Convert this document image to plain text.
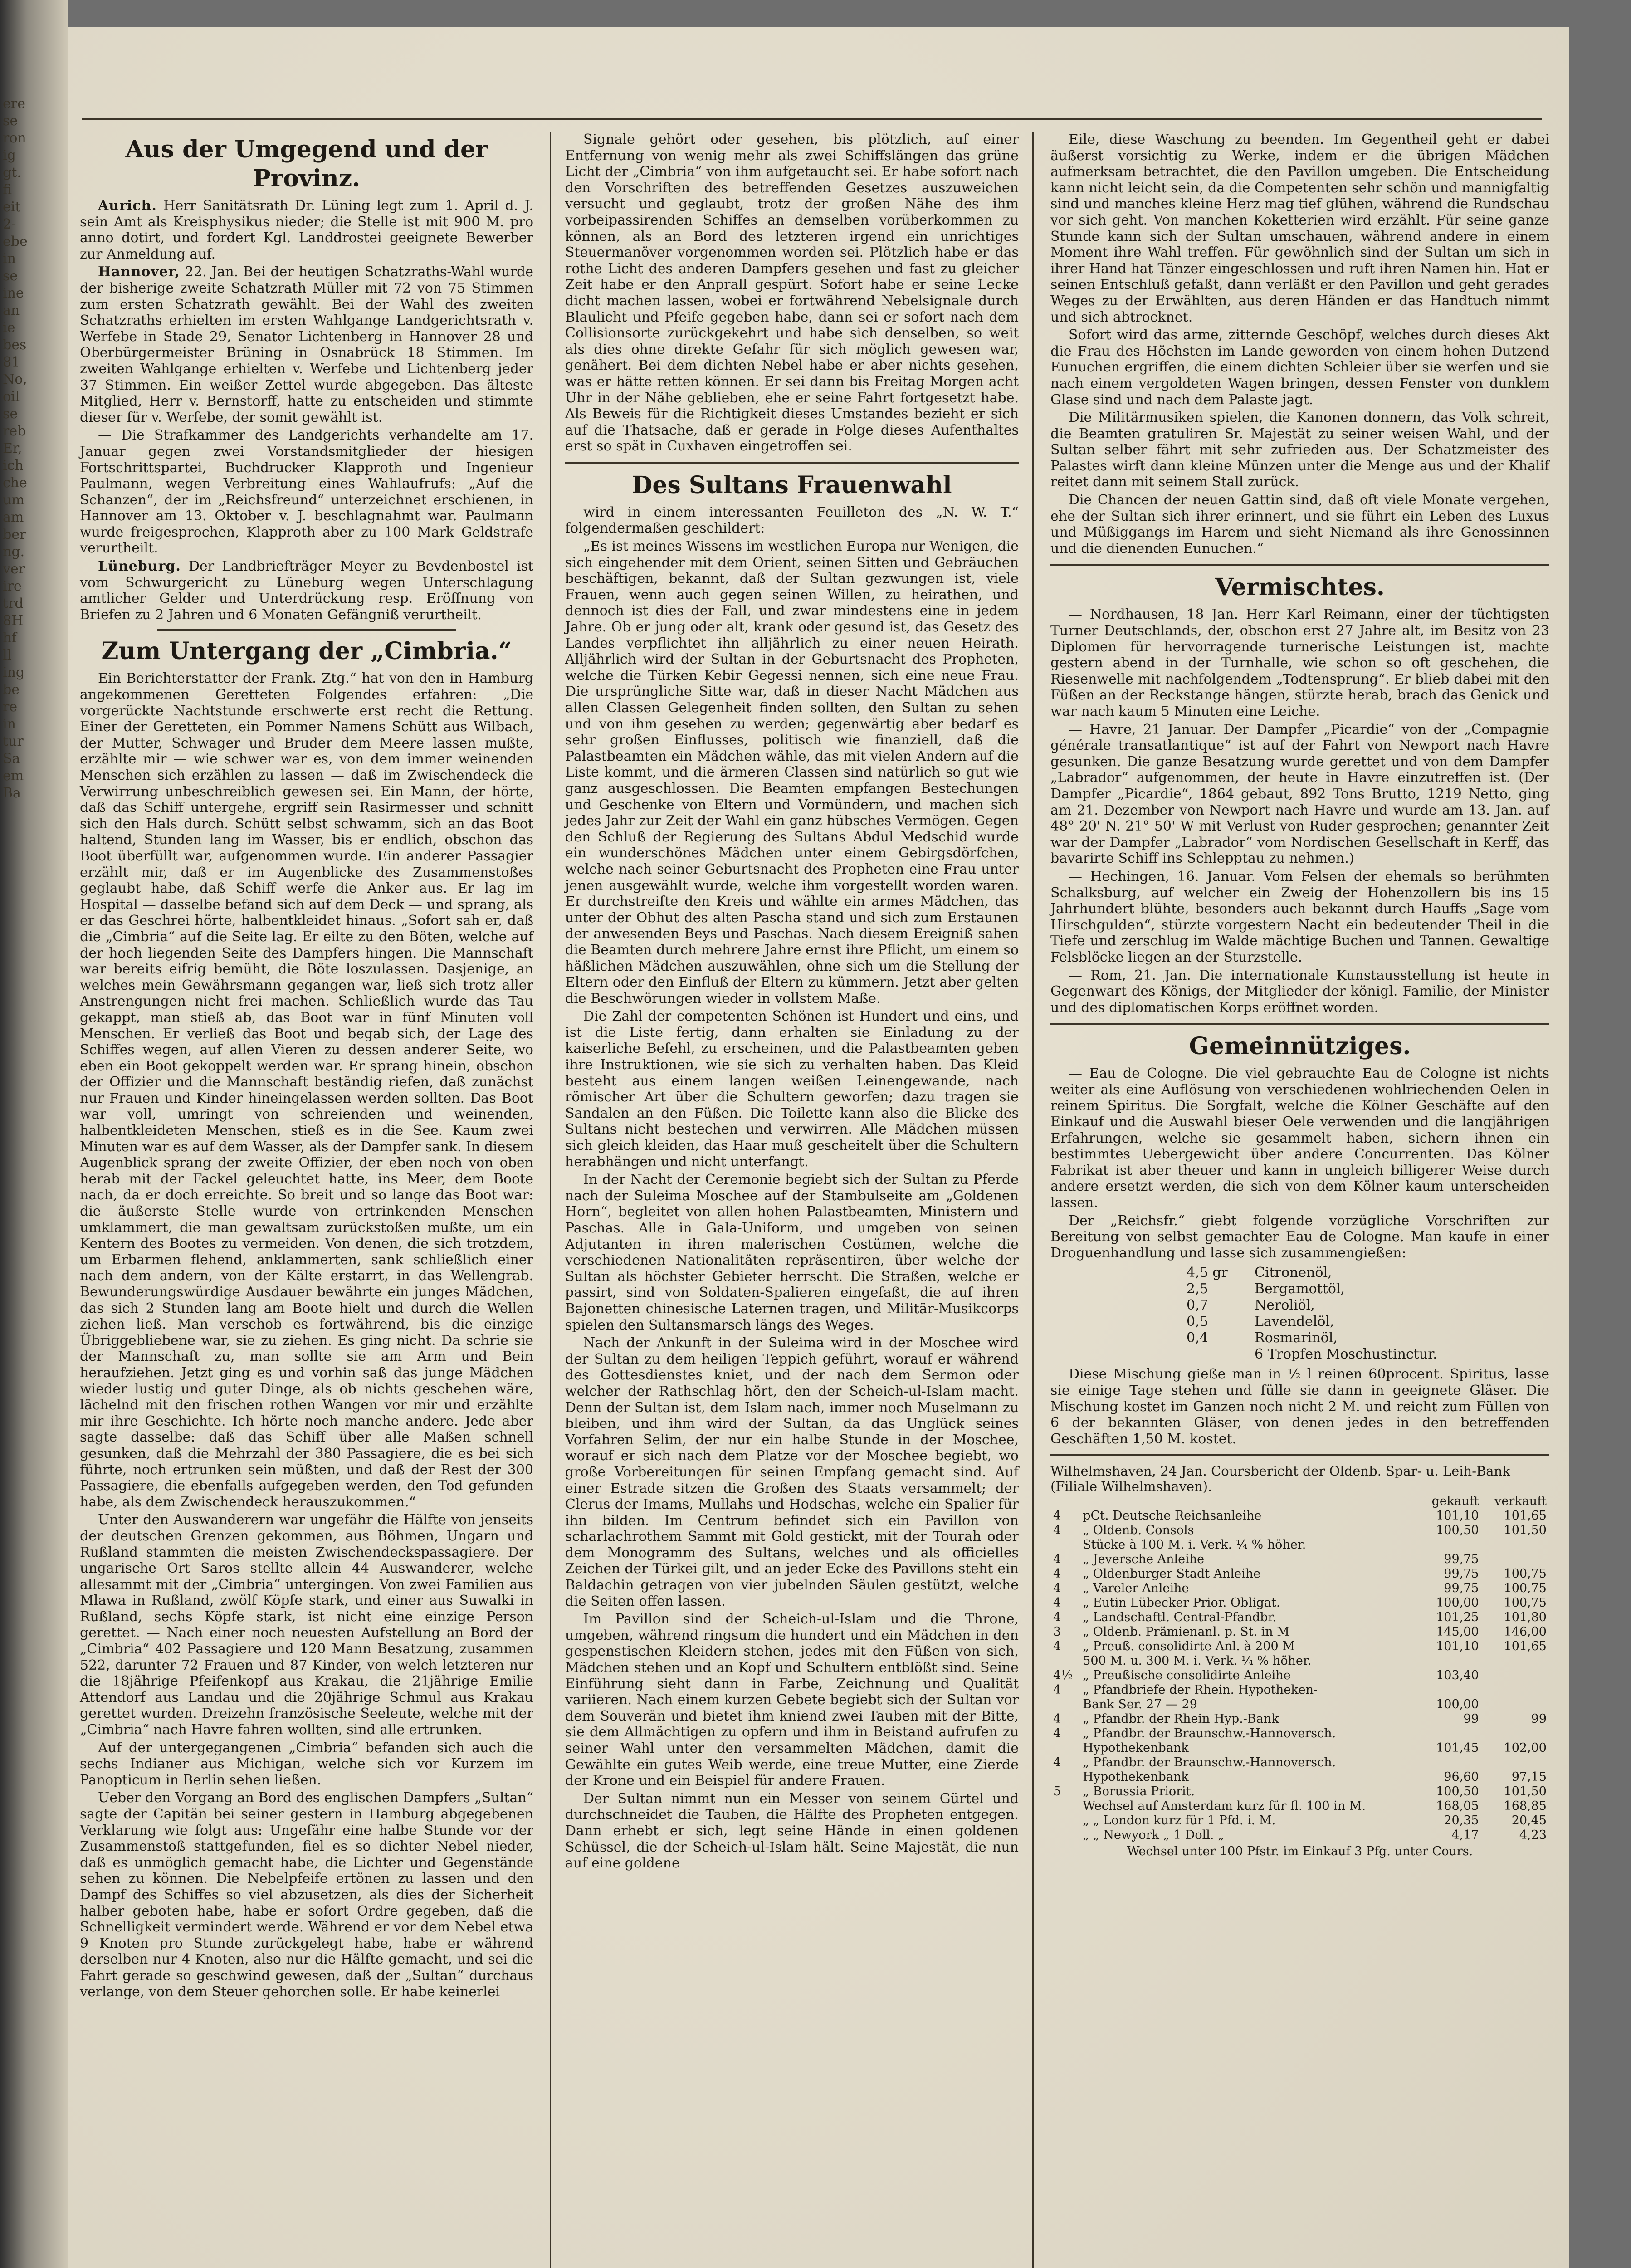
ere
se
ron
ig
gt.
fi
eit
2-
ebe
in
se
ine
an
ie
bes
81
No,
oil
se
reb
Er,
ich
che
um
am
ber
ng.
ver
ire
trd
8H
hf
ll
ing
be
re
in
tur
Sa
em
Ba
Aus der Umgegend und der Provinz.

Aurich. Herr Sanitätsrath Dr. Lüning legt zum 1. April d. J. sein Amt als Kreisphysikus nieder; die Stelle ist mit 900 M. pro anno dotirt, und fordert Kgl. Landdrostei geeignete Bewerber zur Anmeldung auf.

Hannover, 22. Jan. Bei der heutigen Schatzraths-Wahl wurde der bisherige zweite Schatzrath Müller mit 72 von 75 Stimmen zum ersten Schatzrath gewählt. Bei der Wahl des zweiten Schatzraths erhielten im ersten Wahlgange Landgerichtsrath v. Werfebe in Stade 29, Senator Lichtenberg in Hannover 28 und Oberbürgermeister Brüning in Osnabrück 18 Stimmen. Im zweiten Wahlgange erhielten v. Werfebe und Lichtenberg jeder 37 Stimmen. Ein weißer Zettel wurde abgegeben. Das älteste Mitglied, Herr v. Bernstorff, hatte zu entscheiden und stimmte dieser für v. Werfebe, der somit gewählt ist.

— Die Strafkammer des Landgerichts verhandelte am 17. Januar gegen zwei Vorstandsmitglieder der hiesigen Fortschrittspartei, Buchdrucker Klapproth und Ingenieur Paulmann, wegen Verbreitung eines Wahlaufrufs: „Auf die Schanzen“, der im „Reichsfreund“ unterzeichnet erschienen, in Hannover am 13. Oktober v. J. beschlagnahmt war. Paulmann wurde freigesprochen, Klapproth aber zu 100 Mark Geldstrafe verurtheilt.

Lüneburg. Der Landbriefträger Meyer zu Bevdenbostel ist vom Schwurgericht zu Lüneburg wegen Unterschlagung amtlicher Gelder und Unterdrückung resp. Eröffnung von Briefen zu 2 Jahren und 6 Monaten Gefängniß verurtheilt.

Zum Untergang der „Cimbria.“

Ein Berichterstatter der Frank. Ztg.“ hat von den in Hamburg angekommenen Geretteten Folgendes erfahren: „Die vorgerückte Nachtstunde erschwerte erst recht die Rettung. Einer der Geretteten, ein Pommer Namens Schütt aus Wilbach, der Mutter, Schwager und Bruder dem Meere lassen mußte, erzählte mir — wie schwer war es, von dem immer weinenden Menschen sich erzählen zu lassen — daß im Zwischendeck die Verwirrung unbeschreiblich gewesen sei. Ein Mann, der hörte, daß das Schiff untergehe, ergriff sein Rasirmesser und schnitt sich den Hals durch. Schütt selbst schwamm, sich an das Boot haltend, Stunden lang im Wasser, bis er endlich, obschon das Boot überfüllt war, aufgenommen wurde. Ein anderer Passagier erzählt mir, daß er im Augenblicke des Zusammenstoßes geglaubt habe, daß Schiff werfe die Anker aus. Er lag im Hospital — dasselbe befand sich auf dem Deck — und sprang, als er das Geschrei hörte, halbentkleidet hinaus. „Sofort sah er, daß die „Cimbria“ auf die Seite lag. Er eilte zu den Böten, welche auf der hoch liegenden Seite des Dampfers hingen. Die Mannschaft war bereits eifrig bemüht, die Böte loszulassen. Dasjenige, an welches mein Gewährsmann gegangen war, ließ sich trotz aller Anstrengungen nicht frei machen. Schließlich wurde das Tau gekappt, man stieß ab, das Boot war in fünf Minuten voll Menschen. Er verließ das Boot und begab sich, der Lage des Schiffes wegen, auf allen Vieren zu dessen anderer Seite, wo eben ein Boot gekoppelt werden war. Er sprang hinein, obschon der Offizier und die Mannschaft beständig riefen, daß zunächst nur Frauen und Kinder hineingelassen werden sollten. Das Boot war voll, umringt von schreienden und weinenden, halbentkleideten Menschen, stieß es in die See. Kaum zwei Minuten war es auf dem Wasser, als der Dampfer sank. In diesem Augenblick sprang der zweite Offizier, der eben noch von oben herab mit der Fackel geleuchtet hatte, ins Meer, dem Boote nach, da er doch erreichte. So breit und so lange das Boot war: die äußerste Stelle wurde von ertrinkenden Menschen umklammert, die man gewaltsam zurückstoßen mußte, um ein Kentern des Bootes zu vermeiden. Von denen, die sich trotzdem, um Erbarmen flehend, anklammerten, sank schließlich einer nach dem andern, von der Kälte erstarrt, in das Wellengrab. Bewunderungswürdige Ausdauer bewährte ein junges Mädchen, das sich 2 Stunden lang am Boote hielt und durch die Wellen ziehen ließ. Man verschob es fortwährend, bis die einzige Übriggebliebene war, sie zu ziehen. Es ging nicht. Da schrie sie der Mannschaft zu, man sollte sie am Arm und Bein heraufziehen. Jetzt ging es und vorhin saß das junge Mädchen wieder lustig und guter Dinge, als ob nichts geschehen wäre, lächelnd mit den frischen rothen Wangen vor mir und erzählte mir ihre Geschichte. Ich hörte noch manche andere. Jede aber sagte dasselbe: daß das Schiff über alle Maßen schnell gesunken, daß die Mehrzahl der 380 Passagiere, die es bei sich führte, noch ertrunken sein müßten, und daß der Rest der 300 Passagiere, die ebenfalls aufgegeben werden, den Tod gefunden habe, als dem Zwischendeck herauszukommen.“

Unter den Auswanderern war ungefähr die Hälfte von jenseits der deutschen Grenzen gekommen, aus Böhmen, Ungarn und Rußland stammten die meisten Zwischendeckspassagiere. Der ungarische Ort Saros stellte allein 44 Auswanderer, welche allesammt mit der „Cimbria“ untergingen. Von zwei Familien aus Mlawa in Rußland, zwölf Köpfe stark, und einer aus Suwalki in Rußland, sechs Köpfe stark, ist nicht eine einzige Person gerettet. — Nach einer noch neuesten Aufstellung an Bord der „Cimbria“ 402 Passagiere und 120 Mann Besatzung, zusammen 522, darunter 72 Frauen und 87 Kinder, von welch letzteren nur die 18jährige Pfeifenkopf aus Krakau, die 21jährige Emilie Attendorf aus Landau und die 20jährige Schmul aus Krakau gerettet wurden. Dreizehn französische Seeleute, welche mit der „Cimbria“ nach Havre fahren wollten, sind alle ertrunken.

Auf der untergegangenen „Cimbria“ befanden sich auch die sechs Indianer aus Michigan, welche sich vor Kurzem im Panopticum in Berlin sehen ließen.

Ueber den Vorgang an Bord des englischen Dampfers „Sultan“ sagte der Capitän bei seiner gestern in Hamburg abgegebenen Verklarung wie folgt aus: Ungefähr eine halbe Stunde vor der Zusammenstoß stattgefunden, fiel es so dichter Nebel nieder, daß es unmöglich gemacht habe, die Lichter und Gegenstände sehen zu können. Die Nebelpfeife ertönen zu lassen und den Dampf des Schiffes so viel abzusetzen, als dies der Sicherheit halber geboten habe, habe er sofort Ordre gegeben, daß die Schnelligkeit vermindert werde. Während er vor dem Nebel etwa 9 Knoten pro Stunde zurückgelegt habe, habe er während derselben nur 4 Knoten, also nur die Hälfte gemacht, und sei die Fahrt gerade so geschwind gewesen, daß der „Sultan“ durchaus verlange, von dem Steuer gehorchen solle. Er habe keinerlei

Signale gehört oder gesehen, bis plötzlich, auf einer Entfernung von wenig mehr als zwei Schiffslängen das grüne Licht der „Cimbria“ von ihm aufgetaucht sei. Er habe sofort nach den Vorschriften des betreffenden Gesetzes auszuweichen versucht und geglaubt, trotz der großen Nähe des ihm vorbeipassirenden Schiffes an demselben vorüberkommen zu können, als an Bord des letzteren irgend ein unrichtiges Steuermanöver vorgenommen worden sei. Plötzlich habe er das rothe Licht des anderen Dampfers gesehen und fast zu gleicher Zeit habe er den Anprall gespürt. Sofort habe er seine Lecke dicht machen lassen, wobei er fortwährend Nebelsignale durch Blaulicht und Pfeife gegeben habe, dann sei er sofort nach dem Collisionsorte zurückgekehrt und habe sich denselben, so weit als dies ohne direkte Gefahr für sich möglich gewesen war, genähert. Bei dem dichten Nebel habe er aber nichts gesehen, was er hätte retten können. Er sei dann bis Freitag Morgen acht Uhr in der Nähe geblieben, ehe er seine Fahrt fortgesetzt habe. Als Beweis für die Richtigkeit dieses Umstandes bezieht er sich auf die Thatsache, daß er gerade in Folge dieses Aufenthaltes erst so spät in Cuxhaven eingetroffen sei.

Des Sultans Frauenwahl

wird in einem interessanten Feuilleton des „N. W. T.“ folgendermaßen geschildert:

„Es ist meines Wissens im westlichen Europa nur Wenigen, die sich eingehender mit dem Orient, seinen Sitten und Gebräuchen beschäftigen, bekannt, daß der Sultan gezwungen ist, viele Frauen, wenn auch gegen seinen Willen, zu heirathen, und dennoch ist dies der Fall, und zwar mindestens eine in jedem Jahre. Ob er jung oder alt, krank oder gesund ist, das Gesetz des Landes verpflichtet ihn alljährlich zu einer neuen Heirath. Alljährlich wird der Sultan in der Geburtsnacht des Propheten, welche die Türken Kebir Gegessi nennen, sich eine neue Frau. Die ursprüngliche Sitte war, daß in dieser Nacht Mädchen aus allen Classen Gelegenheit finden sollten, den Sultan zu sehen und von ihm gesehen zu werden; gegenwärtig aber bedarf es sehr großen Einflusses, politisch wie finanziell, daß die Palastbeamten ein Mädchen wähle, das mit vielen Andern auf die Liste kommt, und die ärmeren Classen sind natürlich so gut wie ganz ausgeschlossen. Die Beamten empfangen Bestechungen und Geschenke von Eltern und Vormündern, und machen sich jedes Jahr zur Zeit der Wahl ein ganz hübsches Vermögen. Gegen den Schluß der Regierung des Sultans Abdul Medschid wurde ein wunderschönes Mädchen unter einem Gebirgsdörfchen, welche nach seiner Geburtsnacht des Propheten eine Frau unter jenen ausgewählt wurde, welche ihm vorgestellt worden waren. Er durchstreifte den Kreis und wählte ein armes Mädchen, das unter der Obhut des alten Pascha stand und sich zum Erstaunen der anwesenden Beys und Paschas. Nach diesem Ereigniß sahen die Beamten durch mehrere Jahre ernst ihre Pflicht, um einem so häßlichen Mädchen auszuwählen, ohne sich um die Stellung der Eltern oder den Einfluß der Eltern zu kümmern. Jetzt aber gelten die Beschwörungen wieder in vollstem Maße.

Die Zahl der competenten Schönen ist Hundert und eins, und ist die Liste fertig, dann erhalten sie Einladung zu der kaiserliche Befehl, zu erscheinen, und die Palastbeamten geben ihre Instruktionen, wie sie sich zu verhalten haben. Das Kleid besteht aus einem langen weißen Leinengewande, nach römischer Art über die Schultern geworfen; dazu tragen sie Sandalen an den Füßen. Die Toilette kann also die Blicke des Sultans nicht bestechen und verwirren. Alle Mädchen müssen sich gleich kleiden, das Haar muß gescheitelt über die Schultern herabhängen und nicht unterfangt.

In der Nacht der Ceremonie begiebt sich der Sultan zu Pferde nach der Suleima Moschee auf der Stambulseite am „Goldenen Horn“, begleitet von allen hohen Palastbeamten, Ministern und Paschas. Alle in Gala-Uniform, und umgeben von seinen Adjutanten in ihren malerischen Costümen, welche die verschiedenen Nationalitäten repräsentiren, über welche der Sultan als höchster Gebieter herrscht. Die Straßen, welche er passirt, sind von Soldaten-Spalieren eingefaßt, die auf ihren Bajonetten chinesische Laternen tragen, und Militär-Musikcorps spielen den Sultansmarsch längs des Weges.

Nach der Ankunft in der Suleima wird in der Moschee wird der Sultan zu dem heiligen Teppich geführt, worauf er während des Gottesdienstes kniet, und der nach dem Sermon oder welcher der Rathschlag hört, den der Scheich-ul-Islam macht. Denn der Sultan ist, dem Islam nach, immer noch Muselmann zu bleiben, und ihm wird der Sultan, da das Unglück seines Vorfahren Selim, der nur ein halbe Stunde in der Moschee, worauf er sich nach dem Platze vor der Moschee begiebt, wo große Vorbereitungen für seinen Empfang gemacht sind. Auf einer Estrade sitzen die Großen des Staats versammelt; der Clerus der Imams, Mullahs und Hodschas, welche ein Spalier für ihn bilden. Im Centrum befindet sich ein Pavillon von scharlachrothem Sammt mit Gold gestickt, mit der Tourah oder dem Monogramm des Sultans, welches und als officielles Zeichen der Türkei gilt, und an jeder Ecke des Pavillons steht ein Baldachin getragen von vier jubelnden Säulen gestützt, welche die Seiten offen lassen.

Im Pavillon sind der Scheich-ul-Islam und die Throne, umgeben, während ringsum die hundert und ein Mädchen in den gespenstischen Kleidern stehen, jedes mit den Füßen von sich, Mädchen stehen und an Kopf und Schultern entblößt sind. Seine Einführung sieht dann in Farbe, Zeichnung und Qualität variieren. Nach einem kurzen Gebete begiebt sich der Sultan vor dem Souverän und bietet ihm kniend zwei Tauben mit der Bitte, sie dem Allmächtigen zu opfern und ihm in Beistand aufrufen zu seiner Wahl unter den versammelten Mädchen, damit die Gewählte ein gutes Weib werde, eine treue Mutter, eine Zierde der Krone und ein Beispiel für andere Frauen.

Der Sultan nimmt nun ein Messer von seinem Gürtel und durchschneidet die Tauben, die Hälfte des Propheten entgegen. Dann erhebt er sich, legt seine Hände in einen goldenen Schüssel, die der Scheich-ul-Islam hält. Seine Majestät, die nun auf eine goldene

Eile, diese Waschung zu beenden. Im Gegentheil geht er dabei äußerst vorsichtig zu Werke, indem er die übrigen Mädchen aufmerksam betrachtet, die den Pavillon umgeben. Die Entscheidung kann nicht leicht sein, da die Competenten sehr schön und mannigfaltig sind und manches kleine Herz mag tief glühen, während die Rundschau vor sich geht. Von manchen Koketterien wird erzählt. Für seine ganze Stunde kann sich der Sultan umschauen, während andere in einem Moment ihre Wahl treffen. Für gewöhnlich sind der Sultan um sich in ihrer Hand hat Tänzer eingeschlossen und ruft ihren Namen hin. Hat er seinen Entschluß gefaßt, dann verläßt er den Pavillon und geht gerades Weges zu der Erwählten, aus deren Händen er das Handtuch nimmt und sich abtrocknet.

Sofort wird das arme, zitternde Geschöpf, welches durch dieses Akt die Frau des Höchsten im Lande geworden von einem hohen Dutzend Eunuchen ergriffen, die einem dichten Schleier über sie werfen und sie nach einem vergoldeten Wagen bringen, dessen Fenster von dunklem Glase sind und nach dem Palaste jagt.

Die Militärmusiken spielen, die Kanonen donnern, das Volk schreit, die Beamten gratuliren Sr. Majestät zu seiner weisen Wahl, und der Sultan selber fährt mit sehr zufrieden aus. Der Schatzmeister des Palastes wirft dann kleine Münzen unter die Menge aus und der Khalif reitet dann mit seinem Stall zurück.

Die Chancen der neuen Gattin sind, daß oft viele Monate vergehen, ehe der Sultan sich ihrer erinnert, und sie führt ein Leben des Luxus und Müßiggangs im Harem und sieht Niemand als ihre Genossinnen und die dienenden Eunuchen.“

Vermischtes.

— Nordhausen, 18 Jan. Herr Karl Reimann, einer der tüchtigsten Turner Deutschlands, der, obschon erst 27 Jahre alt, im Besitz von 23 Diplomen für hervorragende turnerische Leistungen ist, machte gestern abend in der Turnhalle, wie schon so oft geschehen, die Riesenwelle mit nachfolgendem „Todtensprung“. Er blieb dabei mit den Füßen an der Reckstange hängen, stürzte herab, brach das Genick und war nach kaum 5 Minuten eine Leiche.

— Havre, 21 Januar. Der Dampfer „Picardie“ von der „Compagnie générale transatlantique“ ist auf der Fahrt von Newport nach Havre gesunken. Die ganze Besatzung wurde gerettet und von dem Dampfer „Labrador“ aufgenommen, der heute in Havre einzutreffen ist. (Der Dampfer „Picardie“, 1864 gebaut, 892 Tons Brutto, 1219 Netto, ging am 21. Dezember von Newport nach Havre und wurde am 13. Jan. auf 48° 20' N. 21° 50' W mit Verlust von Ruder gesprochen; genannter Zeit war der Dampfer „Labrador“ vom Nordischen Gesellschaft in Kerff, das bavarirte Schiff ins Schlepptau zu nehmen.)

— Hechingen, 16. Januar. Vom Felsen der ehemals so berühmten Schalksburg, auf welcher ein Zweig der Hohenzollern bis ins 15 Jahrhundert blühte, besonders auch bekannt durch Hauffs „Sage vom Hirschgulden“, stürzte vorgestern Nacht ein bedeutender Theil in die Tiefe und zerschlug im Walde mächtige Buchen und Tannen. Gewaltige Felsblöcke liegen an der Sturzstelle.

— Rom, 21. Jan. Die internationale Kunstausstellung ist heute in Gegenwart des Königs, der Mitglieder der königl. Familie, der Minister und des diplomatischen Korps eröffnet worden.

Gemeinnütziges.

— Eau de Cologne. Die viel gebrauchte Eau de Cologne ist nichts weiter als eine Auflösung von verschiedenen wohlriechenden Oelen in reinem Spiritus. Die Sorgfalt, welche die Kölner Geschäfte auf den Einkauf und die Auswahl bieser Oele verwenden und die langjährigen Erfahrungen, welche sie gesammelt haben, sichern ihnen ein bestimmtes Uebergewicht über andere Concurrenten. Das Kölner Fabrikat ist aber theuer und kann in ungleich billigerer Weise durch andere ersetzt werden, die sich von dem Kölner kaum unterscheiden lassen.

Der „Reichsfr.“ giebt folgende vorzügliche Vorschriften zur Bereitung von selbst gemachter Eau de Cologne. Man kaufe in einer Droguenhandlung und lasse sich zusammengießen:

4,5 gr	Citronenöl,
2,5	Bergamottöl,
0,7	Neroliöl,
0,5	Lavendelöl,
0,4	Rosmarinöl,
6 Tropfen Moschustinctur.

Diese Mischung gieße man in ½ l reinen 60procent. Spiritus, lasse sie einige Tage stehen und fülle sie dann in geeignete Gläser. Die Mischung kostet im Ganzen noch nicht 2 M. und reicht zum Füllen von 6 der bekannten Gläser, von denen jedes in den betreffenden Geschäften 1,50 M. kostet.

Wilhelmshaven, 24 Jan. Coursbericht der Oldenb. Spar- u. Leih-Bank (Filiale Wilhelmshaven).
		gekauft	verkauft
4	pCt. Deutsche Reichsanleihe	101,10	101,65
4	„ Oldenb. Consols	100,50	101,50
	Stücke à 100 M. i. Verk. ¼ % höher.		
4	„ Jeversche Anleihe	99,75	
4	„ Oldenburger Stadt Anleihe	99,75	100,75
4	„ Vareler Anleihe	99,75	100,75
4	„ Eutin Lübecker Prior. Obligat.	100,00	100,75
4	„ Landschaftl. Central-Pfandbr.	101,25	101,80
3	„ Oldenb. Prämienanl. p. St. in M	145,00	146,00
4	„ Preuß. consolidirte Anl. à 200 M	101,10	101,65
	500 M. u. 300 M. i. Verk. ¼ % höher.		
4½	„ Preußische consolidirte Anleihe	103,40	
4	„ Pfandbriefe der Rhein. Hypotheken-		
	Bank Ser. 27 — 29	100,00	
4	„ Pfandbr. der Rhein Hyp.-Bank	99	99
4	„ Pfandbr. der Braunschw.-Hannoversch.		
	Hypothekenbank	101,45	102,00
4	„ Pfandbr. der Braunschw.-Hannoversch.		
	Hypothekenbank	96,60	97,15
5	„ Borussia Priorit.	100,50	101,50
	Wechsel auf Amsterdam kurz für fl. 100 in M.	168,05	168,85
	„ „ London kurz für 1 Pfd. i. M.	20,35	20,45
	„ „ Newyork „ 1 Doll. „	4,17	4,23
Wechsel unter 100 Pfstr. im Einkauf 3 Pfg. unter Cours.
